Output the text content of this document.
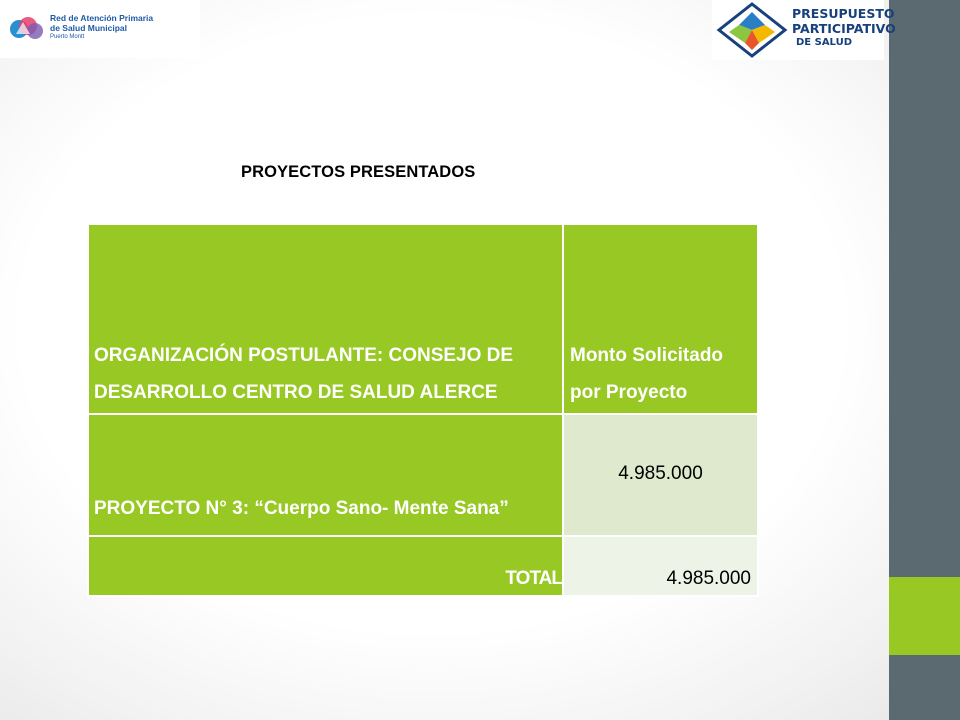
Red de Atención Primaria
de Salud Municipal
Puerto Montt
PRESUPUESTO
PARTICIPATIVO
DE SALUD
PROYECTOS PRESENTADOS
ORGANIZACIÓN POSTULANTE: CONSEJO DE DESARROLLO CENTRO DE SALUD ALERCE	Monto Solicitado por Proyecto

PROYECTO N° 3: “Cuerpo Sano- Mente Sana”	4.985.000

TOTAL	4.985.000
